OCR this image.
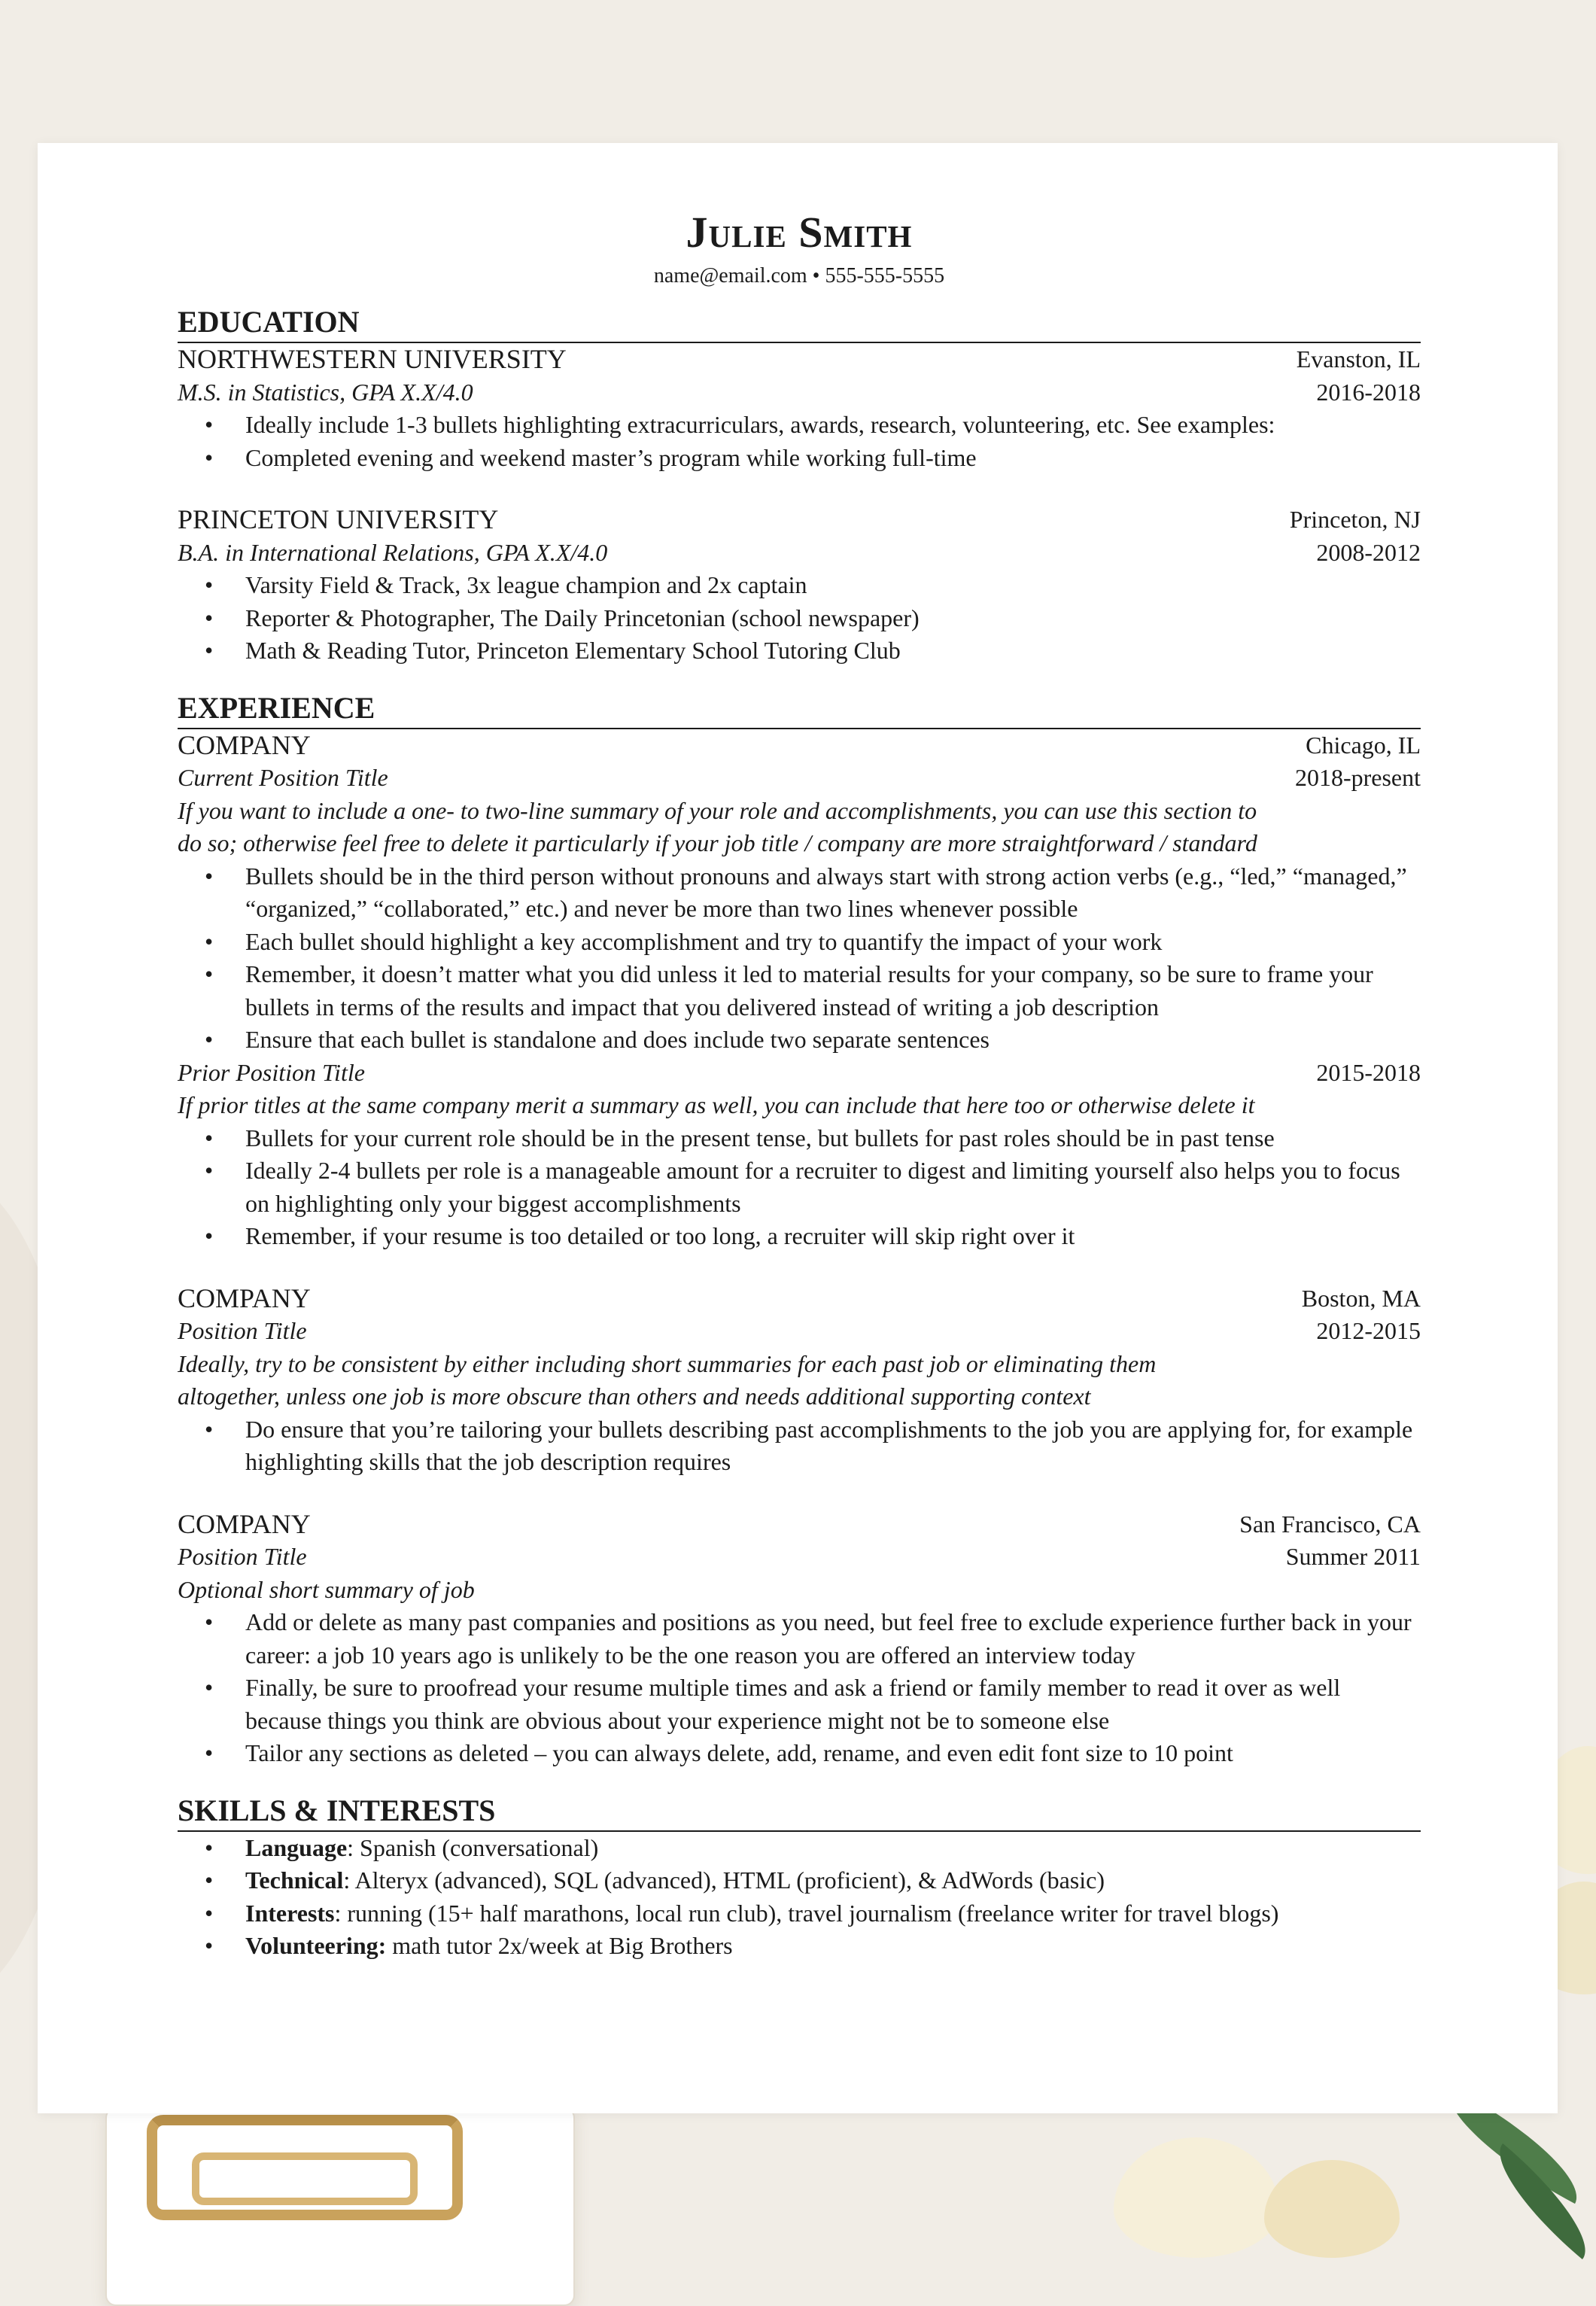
Julie Smith
name@email.com • 555-555-5555
EDUCATION
NORTHWESTERN UNIVERSITY	Evanston, IL
M.S. in Statistics, GPA X.X/4.0	2016-2018
• Ideally include 1-3 bullets highlighting extracurriculars, awards, research, volunteering, etc. See examples:
• Completed evening and weekend master’s program while working full-time
PRINCETON UNIVERSITY	Princeton, NJ
B.A. in International Relations, GPA X.X/4.0	2008-2012
• Varsity Field & Track, 3x league champion and 2x captain
• Reporter & Photographer, The Daily Princetonian (school newspaper)
• Math & Reading Tutor, Princeton Elementary School Tutoring Club
EXPERIENCE
COMPANY	Chicago, IL
Current Position Title	2018-present
If you want to include a one- to two-line summary of your role and accomplishments, you can use this section to
do so; otherwise feel free to delete it particularly if your job title / company are more straightforward / standard
• Bullets should be in the third person without pronouns and always start with strong action verbs (e.g., “led,” “managed,” “organized,” “collaborated,” etc.) and never be more than two lines whenever possible
• Each bullet should highlight a key accomplishment and try to quantify the impact of your work
• Remember, it doesn’t matter what you did unless it led to material results for your company, so be sure to frame your bullets in terms of the results and impact that you delivered instead of writing a job description
• Ensure that each bullet is standalone and does include two separate sentences
Prior Position Title	2015-2018
If prior titles at the same company merit a summary as well, you can include that here too or otherwise delete it
• Bullets for your current role should be in the present tense, but bullets for past roles should be in past tense
• Ideally 2-4 bullets per role is a manageable amount for a recruiter to digest and limiting yourself also helps you to focus on highlighting only your biggest accomplishments
• Remember, if your resume is too detailed or too long, a recruiter will skip right over it
COMPANY	Boston, MA
Position Title	2012-2015
Ideally, try to be consistent by either including short summaries for each past job or eliminating them
altogether, unless one job is more obscure than others and needs additional supporting context
• Do ensure that you’re tailoring your bullets describing past accomplishments to the job you are applying for, for example highlighting skills that the job description requires
COMPANY	San Francisco, CA
Position Title	Summer 2011
Optional short summary of job
• Add or delete as many past companies and positions as you need, but feel free to exclude experience further back in your career: a job 10 years ago is unlikely to be the one reason you are offered an interview today
• Finally, be sure to proofread your resume multiple times and ask a friend or family member to read it over as well because things you think are obvious about your experience might not be to someone else
• Tailor any sections as deleted – you can always delete, add, rename, and even edit font size to 10 point
SKILLS & INTERESTS
• Language: Spanish (conversational)
• Technical: Alteryx (advanced), SQL (advanced), HTML (proficient), & AdWords (basic)
• Interests: running (15+ half marathons, local run club), travel journalism (freelance writer for travel blogs)
• Volunteering: math tutor 2x/week at Big Brothers
